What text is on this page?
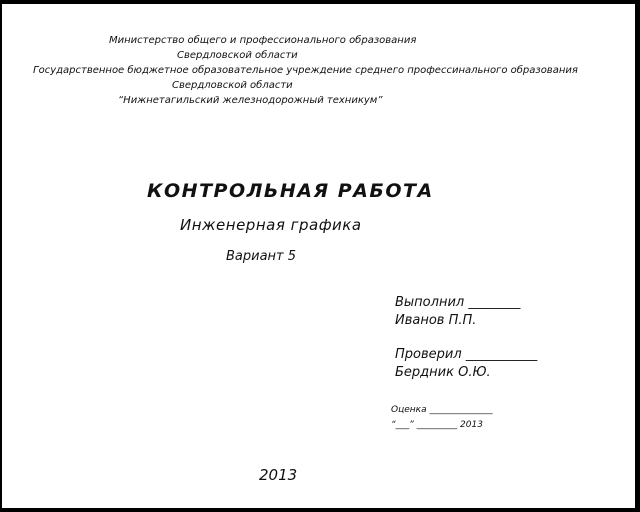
Министерство общего и профессионального образования
Свердловской области
Государственное бюджетное образовательное учреждение среднего профессинального образования
Свердловской области
“Нижнетагильский железнодорожный техникум”
КОНТРОЛЬНАЯ РАБОТА
Инженерная графика
Вариант 5
Выполнил ________
Иванов П.П.
Проверил ___________
Бердник О.Ю.
Оценка ______________
“___” _________ 2013
2013
